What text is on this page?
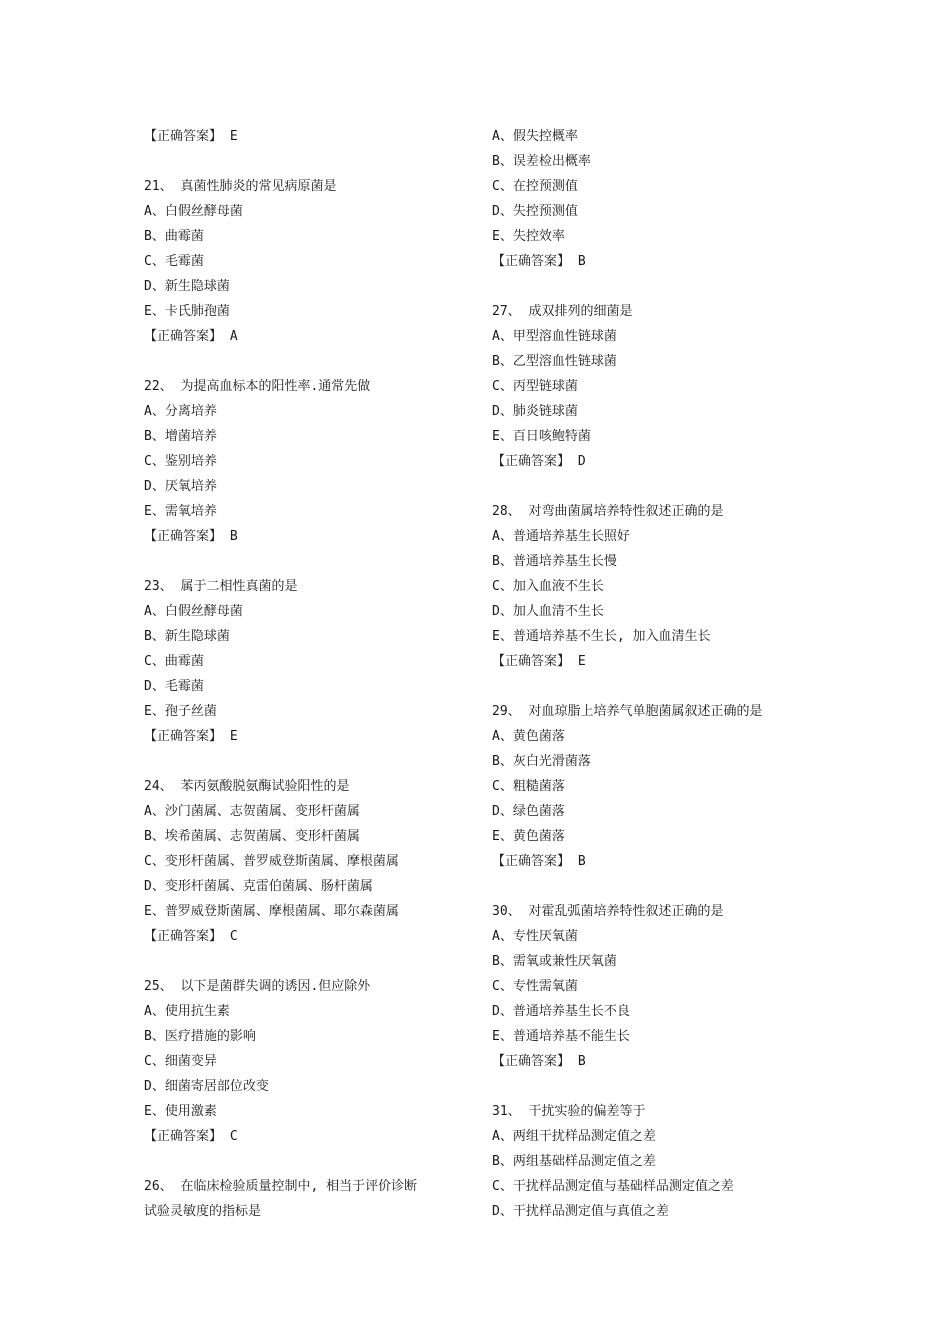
【正确答案】 E
21、 真菌性肺炎的常见病原菌是
A、白假丝酵母菌
B、曲霉菌
C、毛霉菌
D、新生隐球菌
E、卡氏肺孢菌
【正确答案】 A
22、 为提高血标本的阳性率.通常先做
A、分离培养
B、增菌培养
C、鉴别培养
D、厌氧培养
E、需氧培养
【正确答案】 B
23、 属于二相性真菌的是
A、白假丝酵母菌
B、新生隐球菌
C、曲霉菌
D、毛霉菌
E、孢子丝菌
【正确答案】 E
24、 苯丙氨酸脱氨酶试验阳性的是
A、沙门菌属、志贺菌属、变形杆菌属
B、埃希菌属、志贺菌属、变形杆菌属
C、变形杆菌属、普罗威登斯菌属、摩根菌属
D、变形杆菌属、克雷伯菌属、肠杆菌属
E、普罗威登斯菌属、摩根菌属、耶尔森菌属
【正确答案】 C
25、 以下是菌群失调的诱因.但应除外
A、使用抗生素
B、医疗措施的影响
C、细菌变异
D、细菌寄居部位改变
E、使用激素
【正确答案】 C
26、 在临床检验质量控制中, 相当于评价诊断
试验灵敏度的指标是
A、假失控概率
B、误差检出概率
C、在控预测值
D、失控预测值
E、失控效率
【正确答案】 B
27、 成双排列的细菌是
A、甲型溶血性链球菌
B、乙型溶血性链球菌
C、丙型链球菌
D、肺炎链球菌
E、百日咳鲍特菌
【正确答案】 D
28、 对弯曲菌属培养特性叙述正确的是
A、普通培养基生长照好
B、普通培养基生长慢
C、加入血液不生长
D、加人血清不生长
E、普通培养基不生长, 加入血清生长
【正确答案】 E
29、 对血琼脂上培养气单胞菌属叙述正确的是
A、黄色菌落
B、灰白光滑菌落
C、粗糙菌落
D、绿色菌落
E、黄色菌落
【正确答案】 B
30、 对霍乱弧菌培养特性叙述正确的是
A、专性厌氧菌
B、需氧或兼性厌氧菌
C、专性需氧菌
D、普通培养基生长不良
E、普通培养基不能生长
【正确答案】 B
31、 干扰实验的偏差等于
A、两组干扰样品测定值之差
B、两组基础样品测定值之差
C、干扰样品测定值与基础样品测定值之差
D、干扰样品测定值与真值之差
